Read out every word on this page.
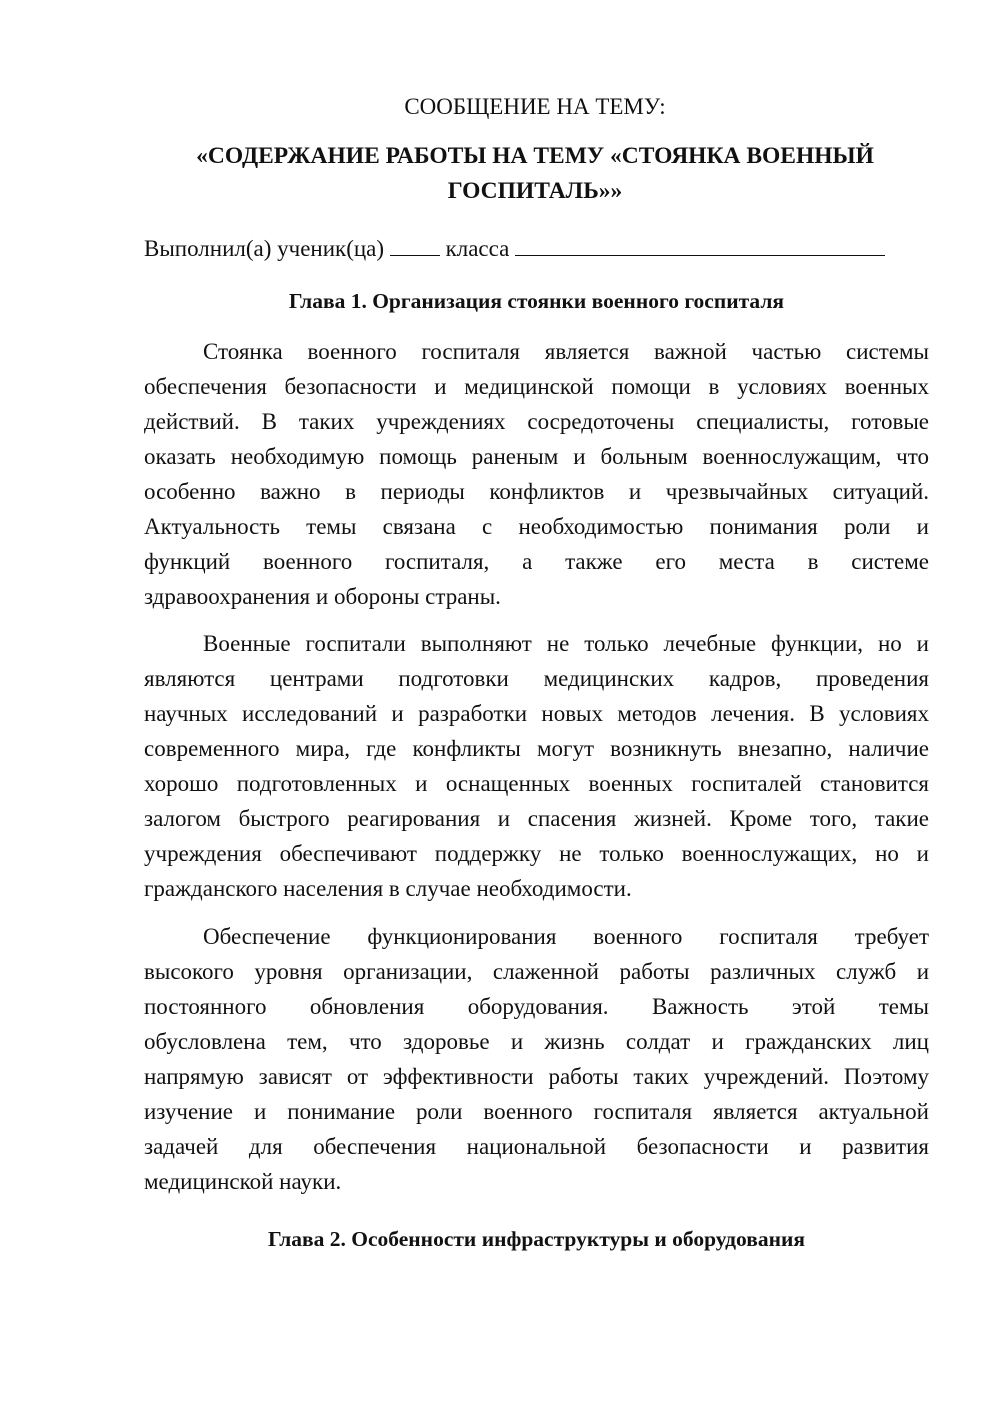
СООБЩЕНИЕ НА ТЕМУ:
«СОДЕРЖАНИЕ РАБОТЫ НА ТЕМУ «СТОЯНКА ВОЕННЫЙ
ГОСПИТАЛЬ»»
Выполнил(а) ученик(ца)	класса
Глава 1. Организация стоянки военного госпиталя
Стоянка военного госпиталя является важной частью системы
обеспечения безопасности и медицинской помощи в условиях военных
действий. В таких учреждениях сосредоточены специалисты, готовые
оказать необходимую помощь раненым и больным военнослужащим, что
особенно важно в периоды конфликтов и чрезвычайных ситуаций.
Актуальность темы связана с необходимостью понимания роли и
функций военного госпиталя, а также его места в системе
здравоохранения и обороны страны.
Военные госпитали выполняют не только лечебные функции, но и
являются центрами подготовки медицинских кадров, проведения
научных исследований и разработки новых методов лечения. В условиях
современного мира, где конфликты могут возникнуть внезапно, наличие
хорошо подготовленных и оснащенных военных госпиталей становится
залогом быстрого реагирования и спасения жизней. Кроме того, такие
учреждения обеспечивают поддержку не только военнослужащих, но и
гражданского населения в случае необходимости.
Обеспечение функционирования военного госпиталя требует
высокого уровня организации, слаженной работы различных служб и
постоянного обновления оборудования. Важность этой темы
обусловлена тем, что здоровье и жизнь солдат и гражданских лиц
напрямую зависят от эффективности работы таких учреждений. Поэтому
изучение и понимание роли военного госпиталя является актуальной
задачей для обеспечения национальной безопасности и развития
медицинской науки.
Глава 2. Особенности инфраструктуры и оборудования
